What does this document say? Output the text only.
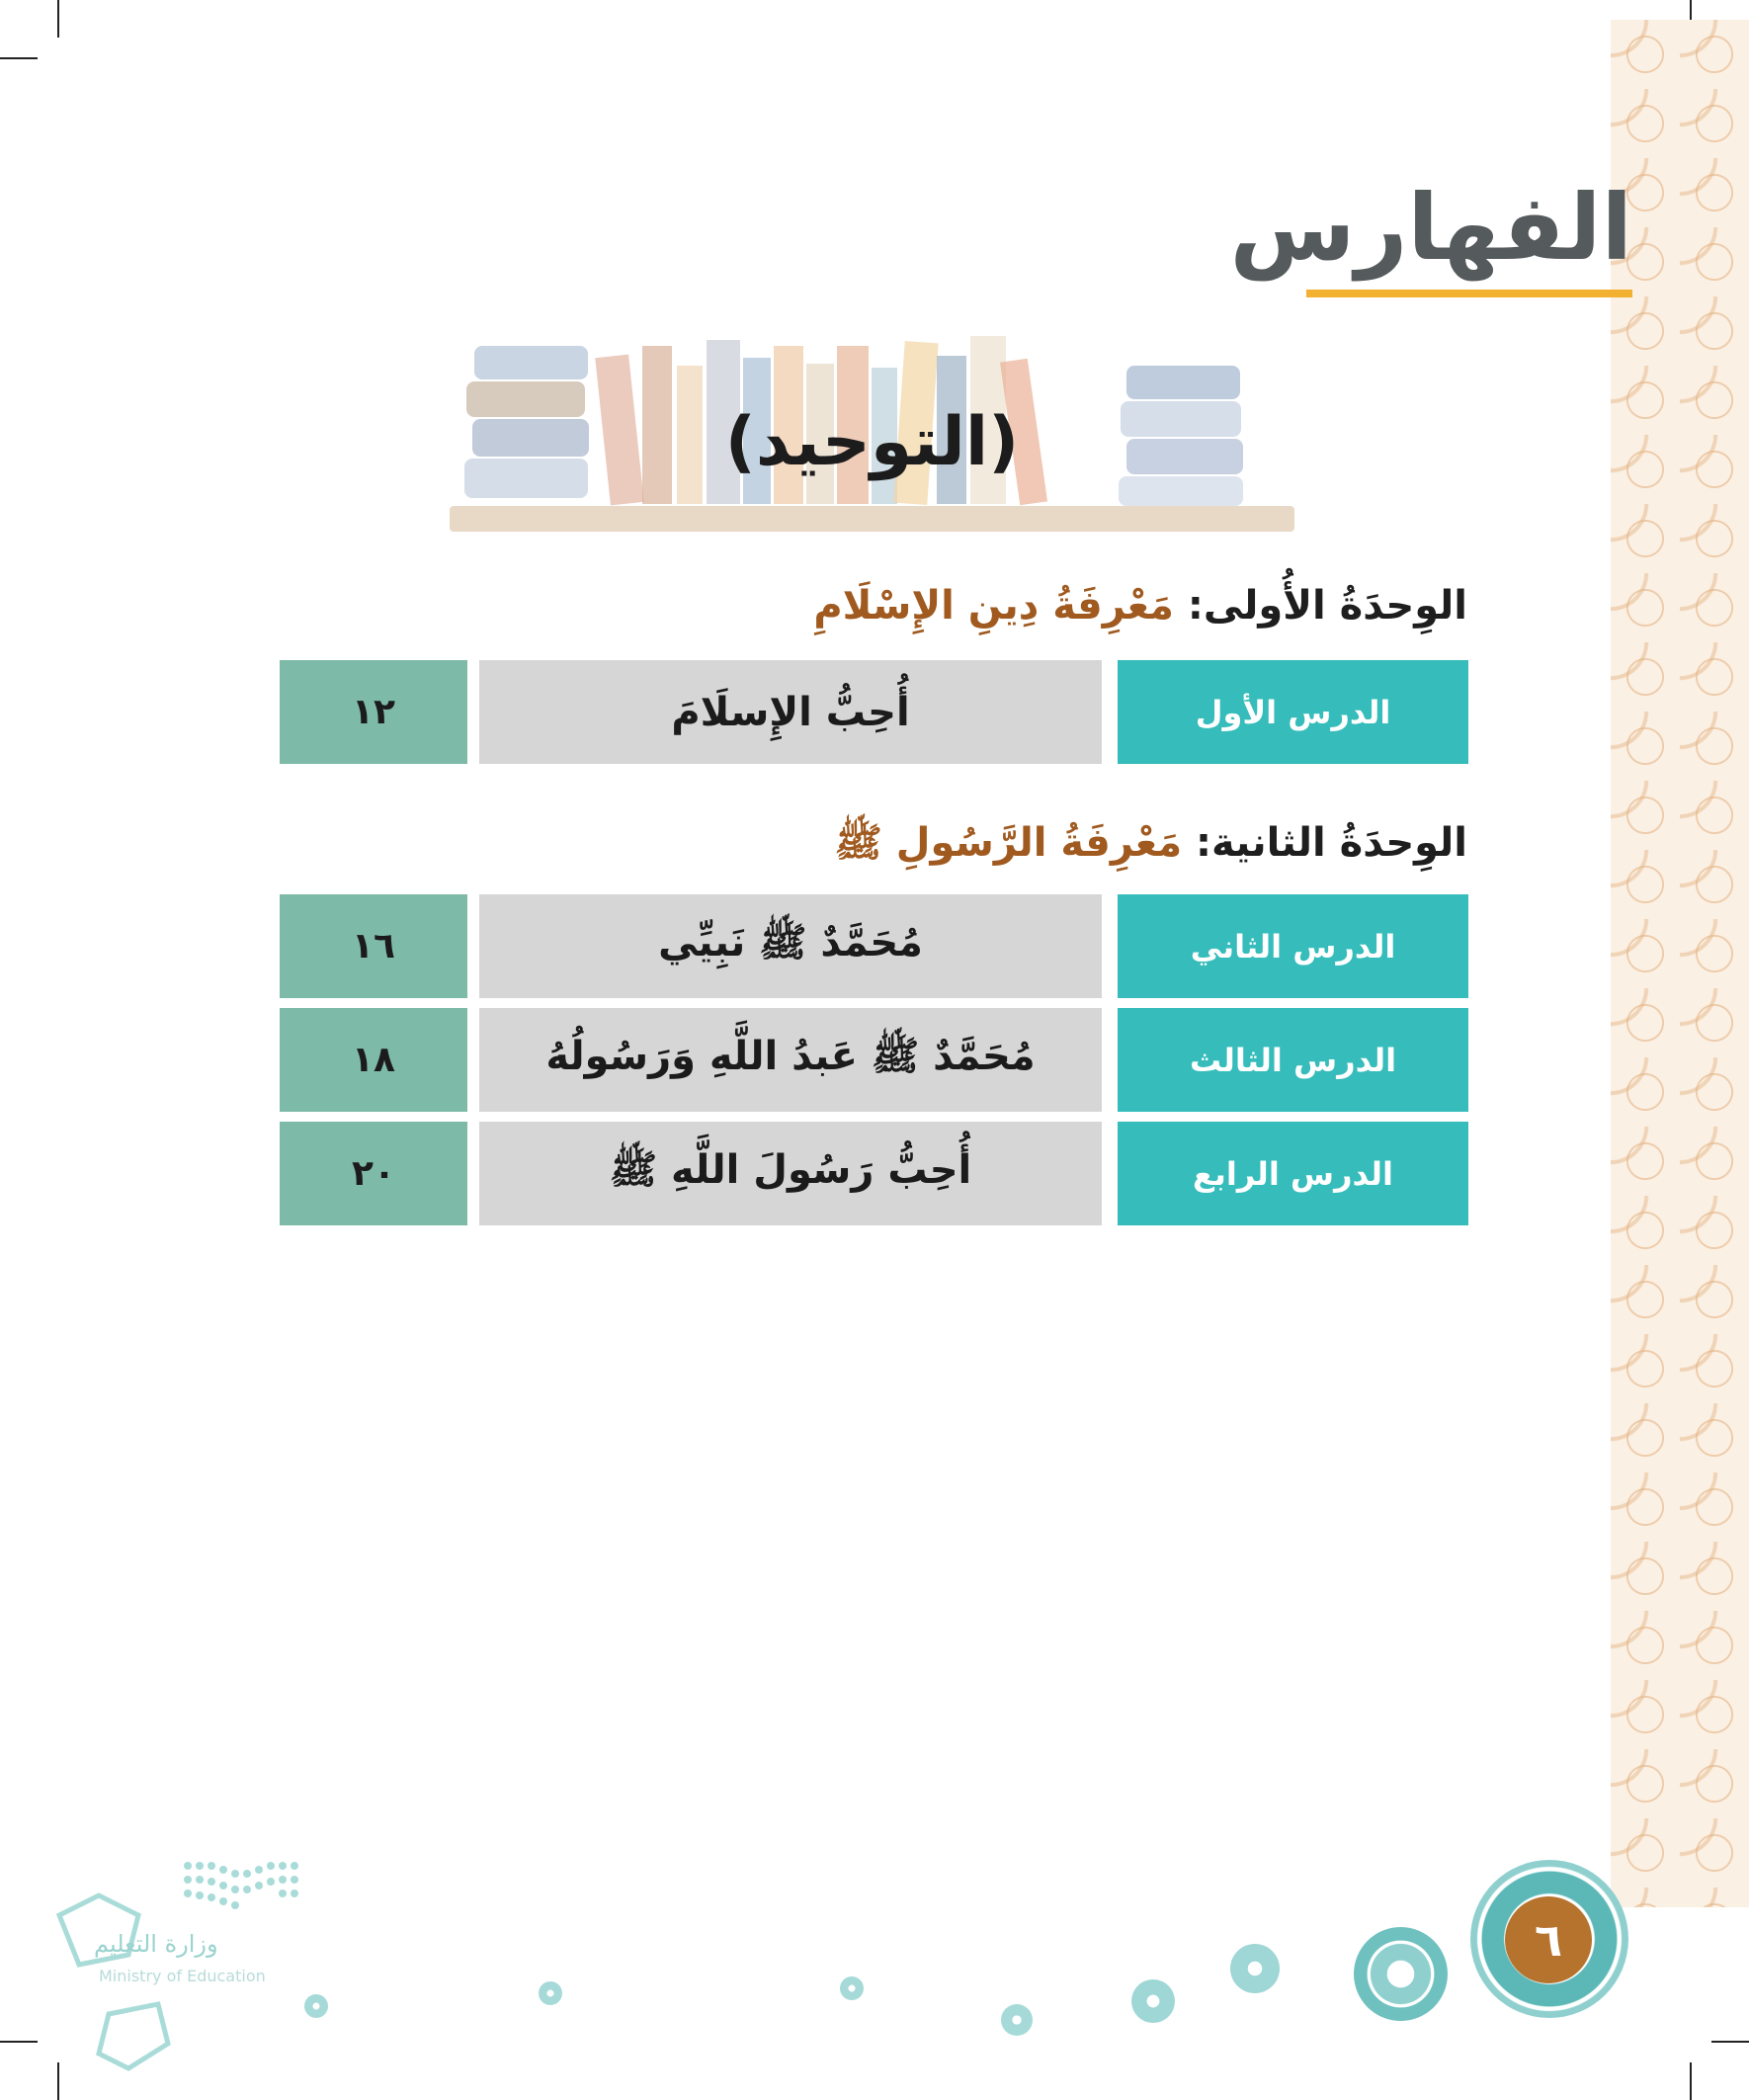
الفهارس
(التوحيد)
الوِحدَةُ الأُولى: مَعْرِفَةُ دِينِ الإِسْلَامِ
الدرس الأول
أُحِبُّ الإِسلَامَ
١٢
الوِحدَةُ الثانية: مَعْرِفَةُ الرَّسُولِ ﷺ
الدرس الثاني
مُحَمَّدٌ ﷺ نَبِيِّي
١٦
الدرس الثالث
مُحَمَّدٌ ﷺ عَبدُ اللَّهِ وَرَسُولُهُ
١٨
الدرس الرابع
أُحِبُّ رَسُولَ اللَّهِ ﷺ
٢٠
٦
وزارة التعليم
Ministry of Education
